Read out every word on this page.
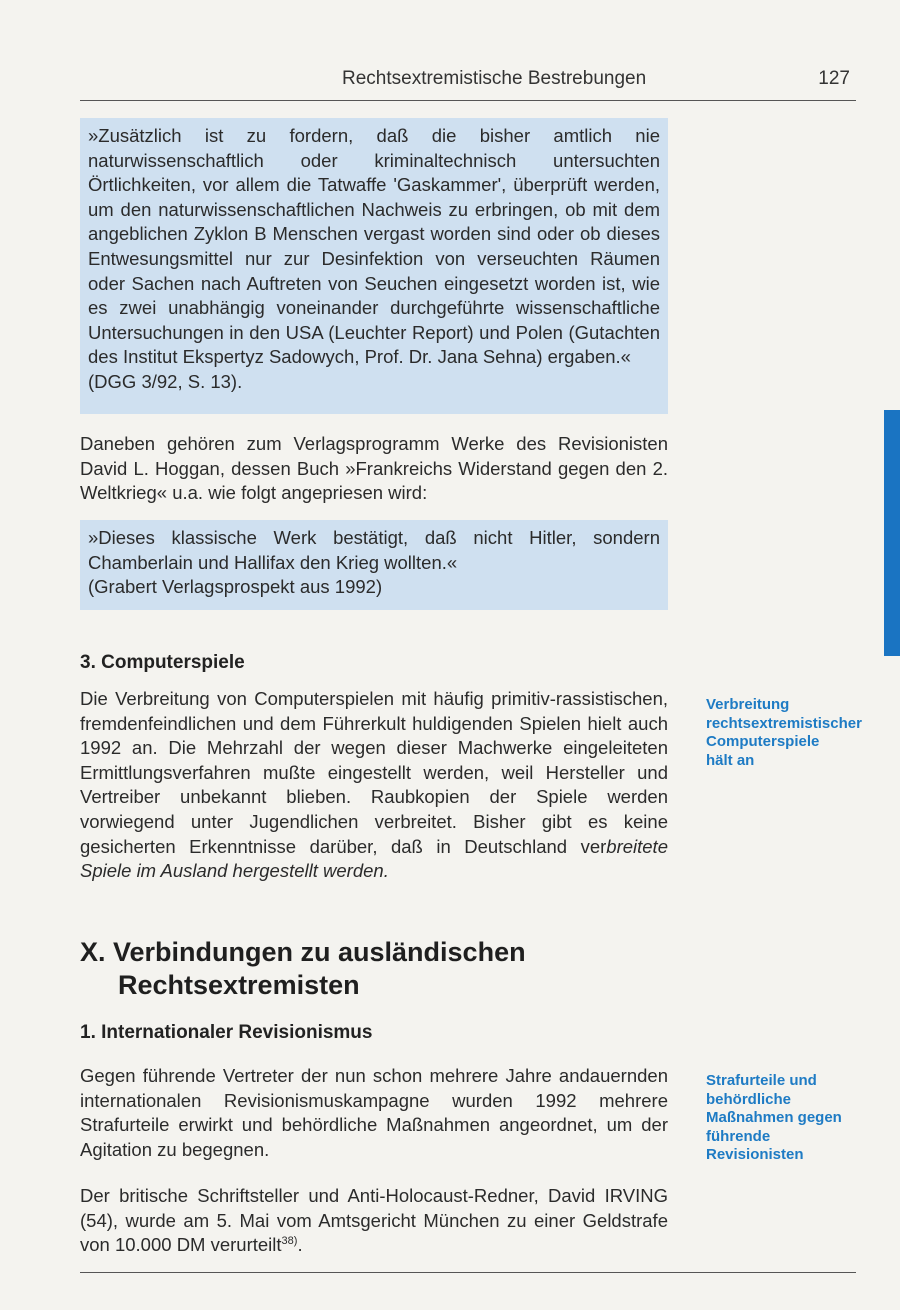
Rechtsextremistische Bestrebungen	127

»Zusätzlich ist zu fordern, daß die bisher amtlich nie naturwissenschaftlich oder kriminaltechnisch untersuchten Örtlichkeiten, vor allem die Tatwaffe 'Gaskammer', überprüft werden, um den naturwissenschaftlichen Nachweis zu erbringen, ob mit dem angeblichen Zyklon B Menschen vergast worden sind oder ob dieses Entwesungsmittel nur zur Desinfektion von verseuchten Räumen oder Sachen nach Auftreten von Seuchen eingesetzt worden ist, wie es zwei unabhängig voneinander durchgeführte wissenschaftliche Untersuchungen in den USA (Leuchter Report) und Polen (Gutachten des Institut Ekspertyz Sadowych, Prof. Dr. Jana Sehna) ergaben.«

(DGG 3/92, S. 13).

Daneben gehören zum Verlagsprogramm Werke des Revisionisten David L. Hoggan, dessen Buch »Frankreichs Widerstand gegen den 2. Weltkrieg« u.a. wie folgt angepriesen wird:

»Dieses klassische Werk bestätigt, daß nicht Hitler, sondern Chamberlain und Hallifax den Krieg wollten.«

(Grabert Verlagsprospekt aus 1992)

3. Computerspiele

Die Verbreitung von Computerspielen mit häufig primitiv-rassistischen, fremdenfeindlichen und dem Führerkult huldigenden Spielen hielt auch 1992 an. Die Mehrzahl der wegen dieser Machwerke eingeleiteten Ermittlungsverfahren mußte eingestellt werden, weil Hersteller und Vertreiber unbekannt blieben. Raubkopien der Spiele werden vorwiegend unter Jugendlichen verbreitet. Bisher gibt es keine gesicherten Erkenntnisse darüber, daß in Deutschland verbreitete Spiele im Ausland hergestellt werden.

Verbreitung rechtsextremistischer Computerspiele hält an
X. Verbindungen zu ausländischen
Rechtsextremisten
1. Internationaler Revisionismus

Gegen führende Vertreter der nun schon mehrere Jahre andauernden internationalen Revisionismuskampagne wurden 1992 mehrere Strafurteile erwirkt und behördliche Maßnahmen angeordnet, um der Agitation zu begegnen.

Strafurteile und behördliche Maßnahmen gegen führende Revisionisten

Der britische Schriftsteller und Anti-Holocaust-Redner, David IRVING (54), wurde am 5. Mai vom Amtsgericht München zu einer Geldstrafe von 10.000 DM verurteilt$^{38)}$.
